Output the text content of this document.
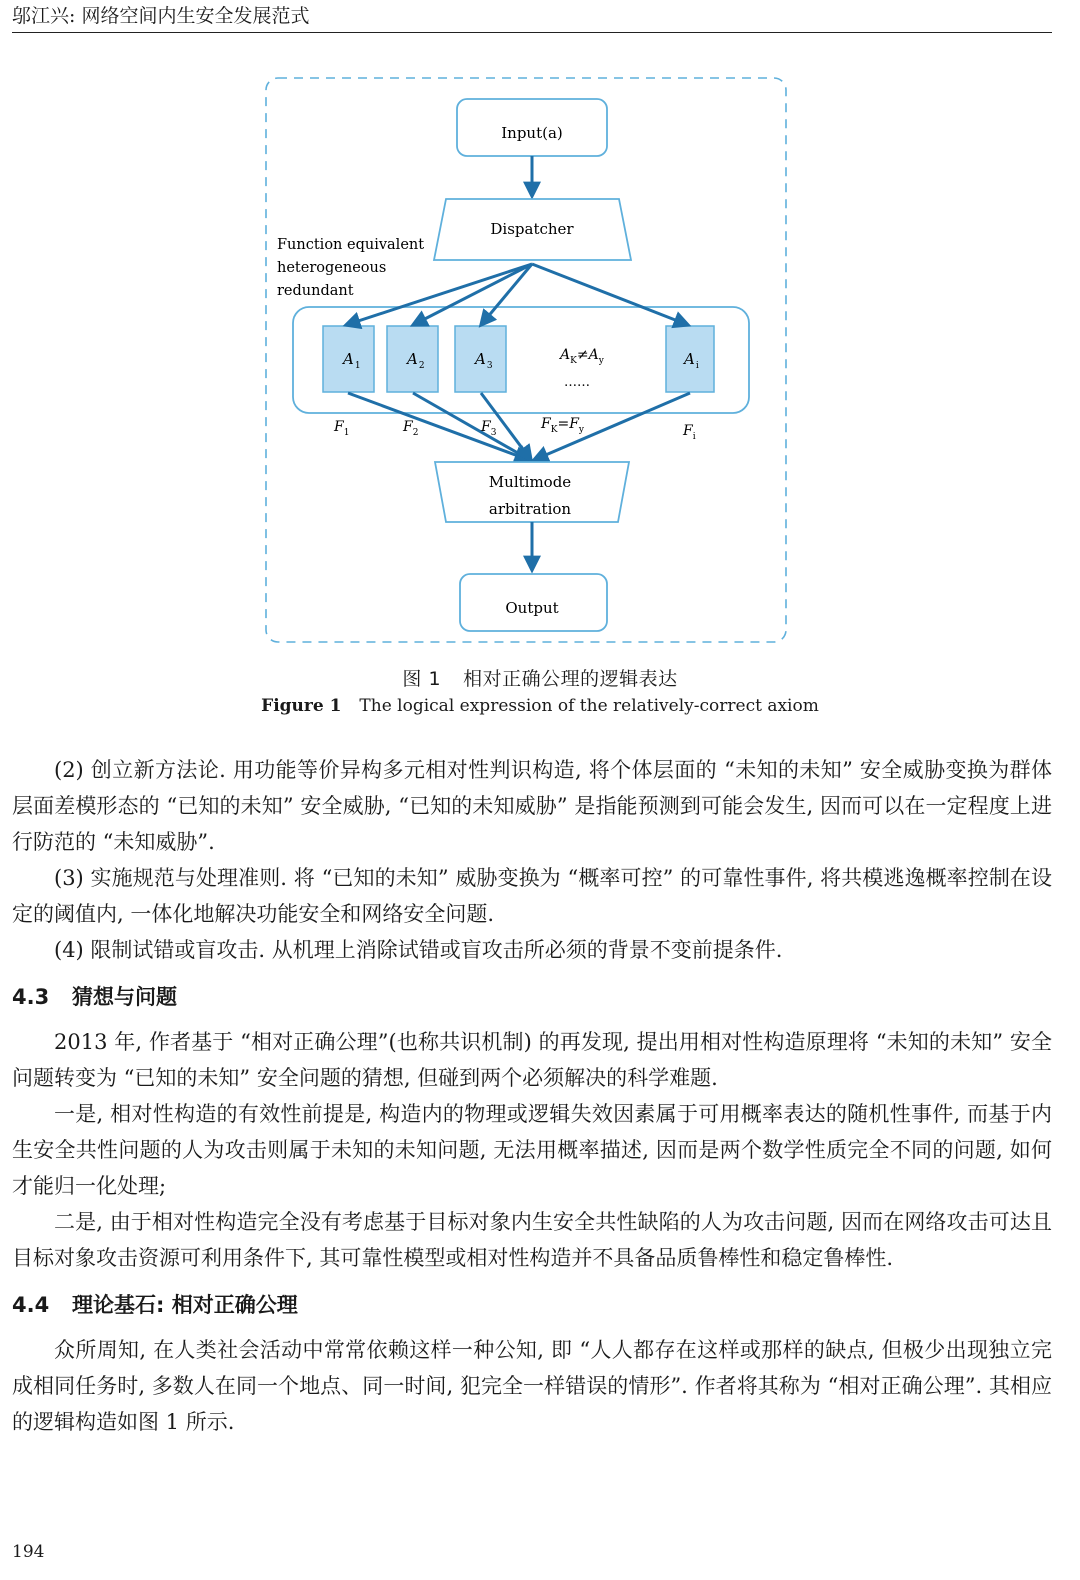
邬江兴: 网络空间内生安全发展范式
Input(a)
Dispatcher
Function equivalent
heterogeneous
redundant
$A_1$	$A_2$	$A_3$	$A_i$
$A_K\ne A_y$
……
$F_1$	$F_2$	$F_3$
$F_K=F_y$	$F_i$
Multimode
arbitration
Output
图 1 相对正确公理的逻辑表达
Figure 1 The logical expression of the relatively-correct axiom

(2) 创立新方法论. 用功能等价异构多元相对性判识构造, 将个体层面的 “未知的未知” 安全威胁变换为群体层面差模形态的 “已知的未知” 安全威胁, “已知的未知威胁” 是指能预测到可能会发生, 因而可以在一定程度上进行防范的 “未知威胁”.

(3) 实施规范与处理准则. 将 “已知的未知” 威胁变换为 “概率可控” 的可靠性事件, 将共模逃逸概率控制在设定的阈值内, 一体化地解决功能安全和网络安全问题.

(4) 限制试错或盲攻击. 从机理上消除试错或盲攻击所必须的背景不变前提条件.

4.3 猜想与问题

2013 年, 作者基于 “相对正确公理”(也称共识机制) 的再发现, 提出用相对性构造原理将 “未知的未知” 安全问题转变为 “已知的未知” 安全问题的猜想, 但碰到两个必须解决的科学难题.

一是, 相对性构造的有效性前提是, 构造内的物理或逻辑失效因素属于可用概率表达的随机性事件, 而基于内生安全共性问题的人为攻击则属于未知的未知问题, 无法用概率描述, 因而是两个数学性质完全不同的问题, 如何才能归一化处理;

二是, 由于相对性构造完全没有考虑基于目标对象内生安全共性缺陷的人为攻击问题, 因而在网络攻击可达且目标对象攻击资源可利用条件下, 其可靠性模型或相对性构造并不具备品质鲁棒性和稳定鲁棒性.

4.4 理论基石: 相对正确公理

众所周知, 在人类社会活动中常常依赖这样一种公知, 即 “人人都存在这样或那样的缺点, 但极少出现独立完成相同任务时, 多数人在同一个地点、同一时间, 犯完全一样错误的情形”. 作者将其称为 “相对正确公理”. 其相应的逻辑构造如图 1 所示.

194
